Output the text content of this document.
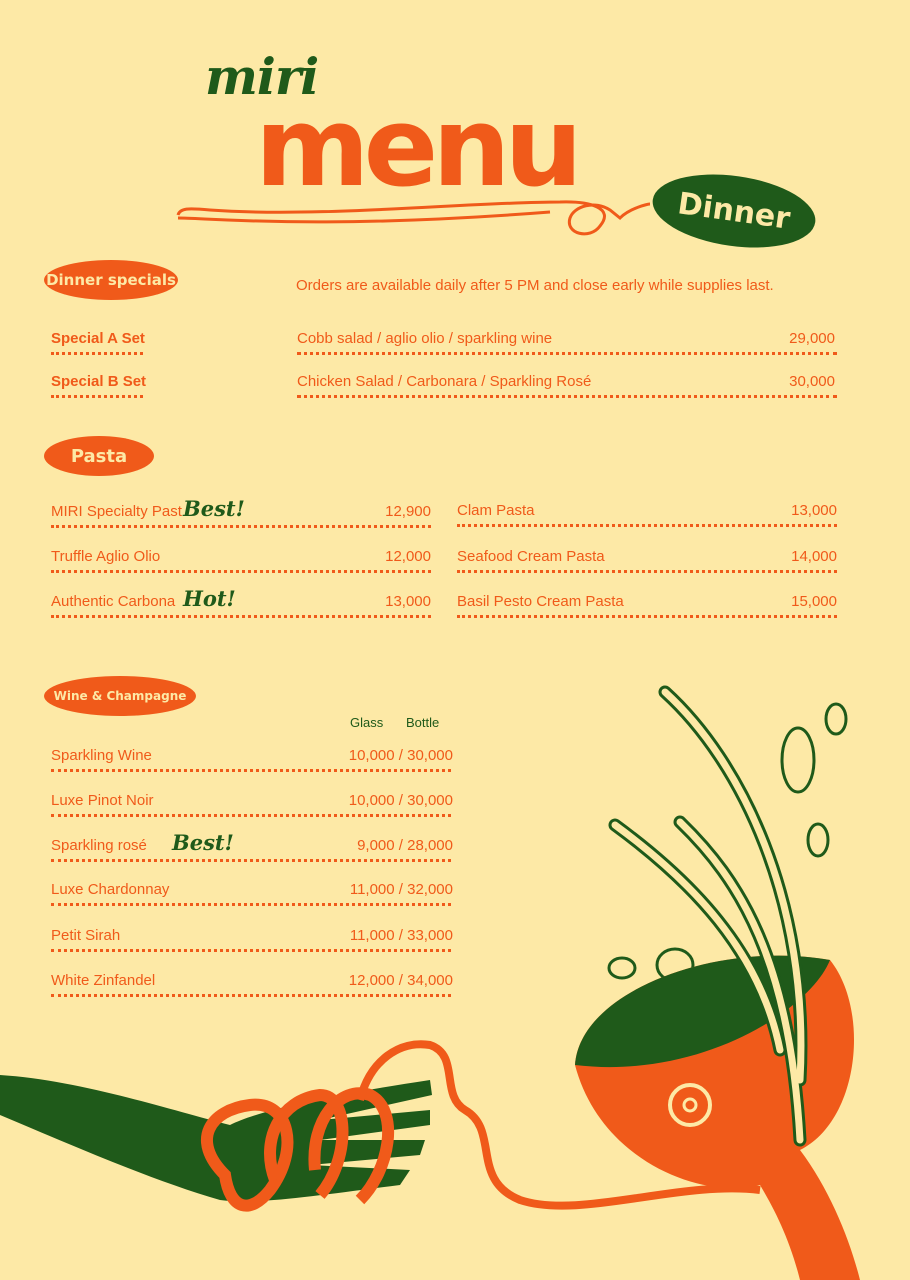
miri
menu	Dinner
Dinner specials	Orders are available daily after 5 PM and close early while supplies last.
Special A Set	Cobb salad / aglio olio / sparkling wine	29,000
Special B Set	Chicken Salad / Carbonara / Sparkling Rosé	30,000
Pasta
MIRI Specialty Past	12,900
Best!
Truffle Aglio Olio	12,000
Authentic Carbona	13,000
Hot!
Clam Pasta	13,000
Seafood Cream Pasta	14,000
Basil Pesto Cream Pasta	15,000
Wine & Champagne
Glass Bottle
Sparkling Wine	10,000 / 30,000
Luxe Pinot Noir	10,000 / 30,000
Sparkling rosé	9,000 / 28,000
Best!
Luxe Chardonnay	11,000 / 32,000
Petit Sirah	11,000 / 33,000
White Zinfandel	12,000 / 34,000
